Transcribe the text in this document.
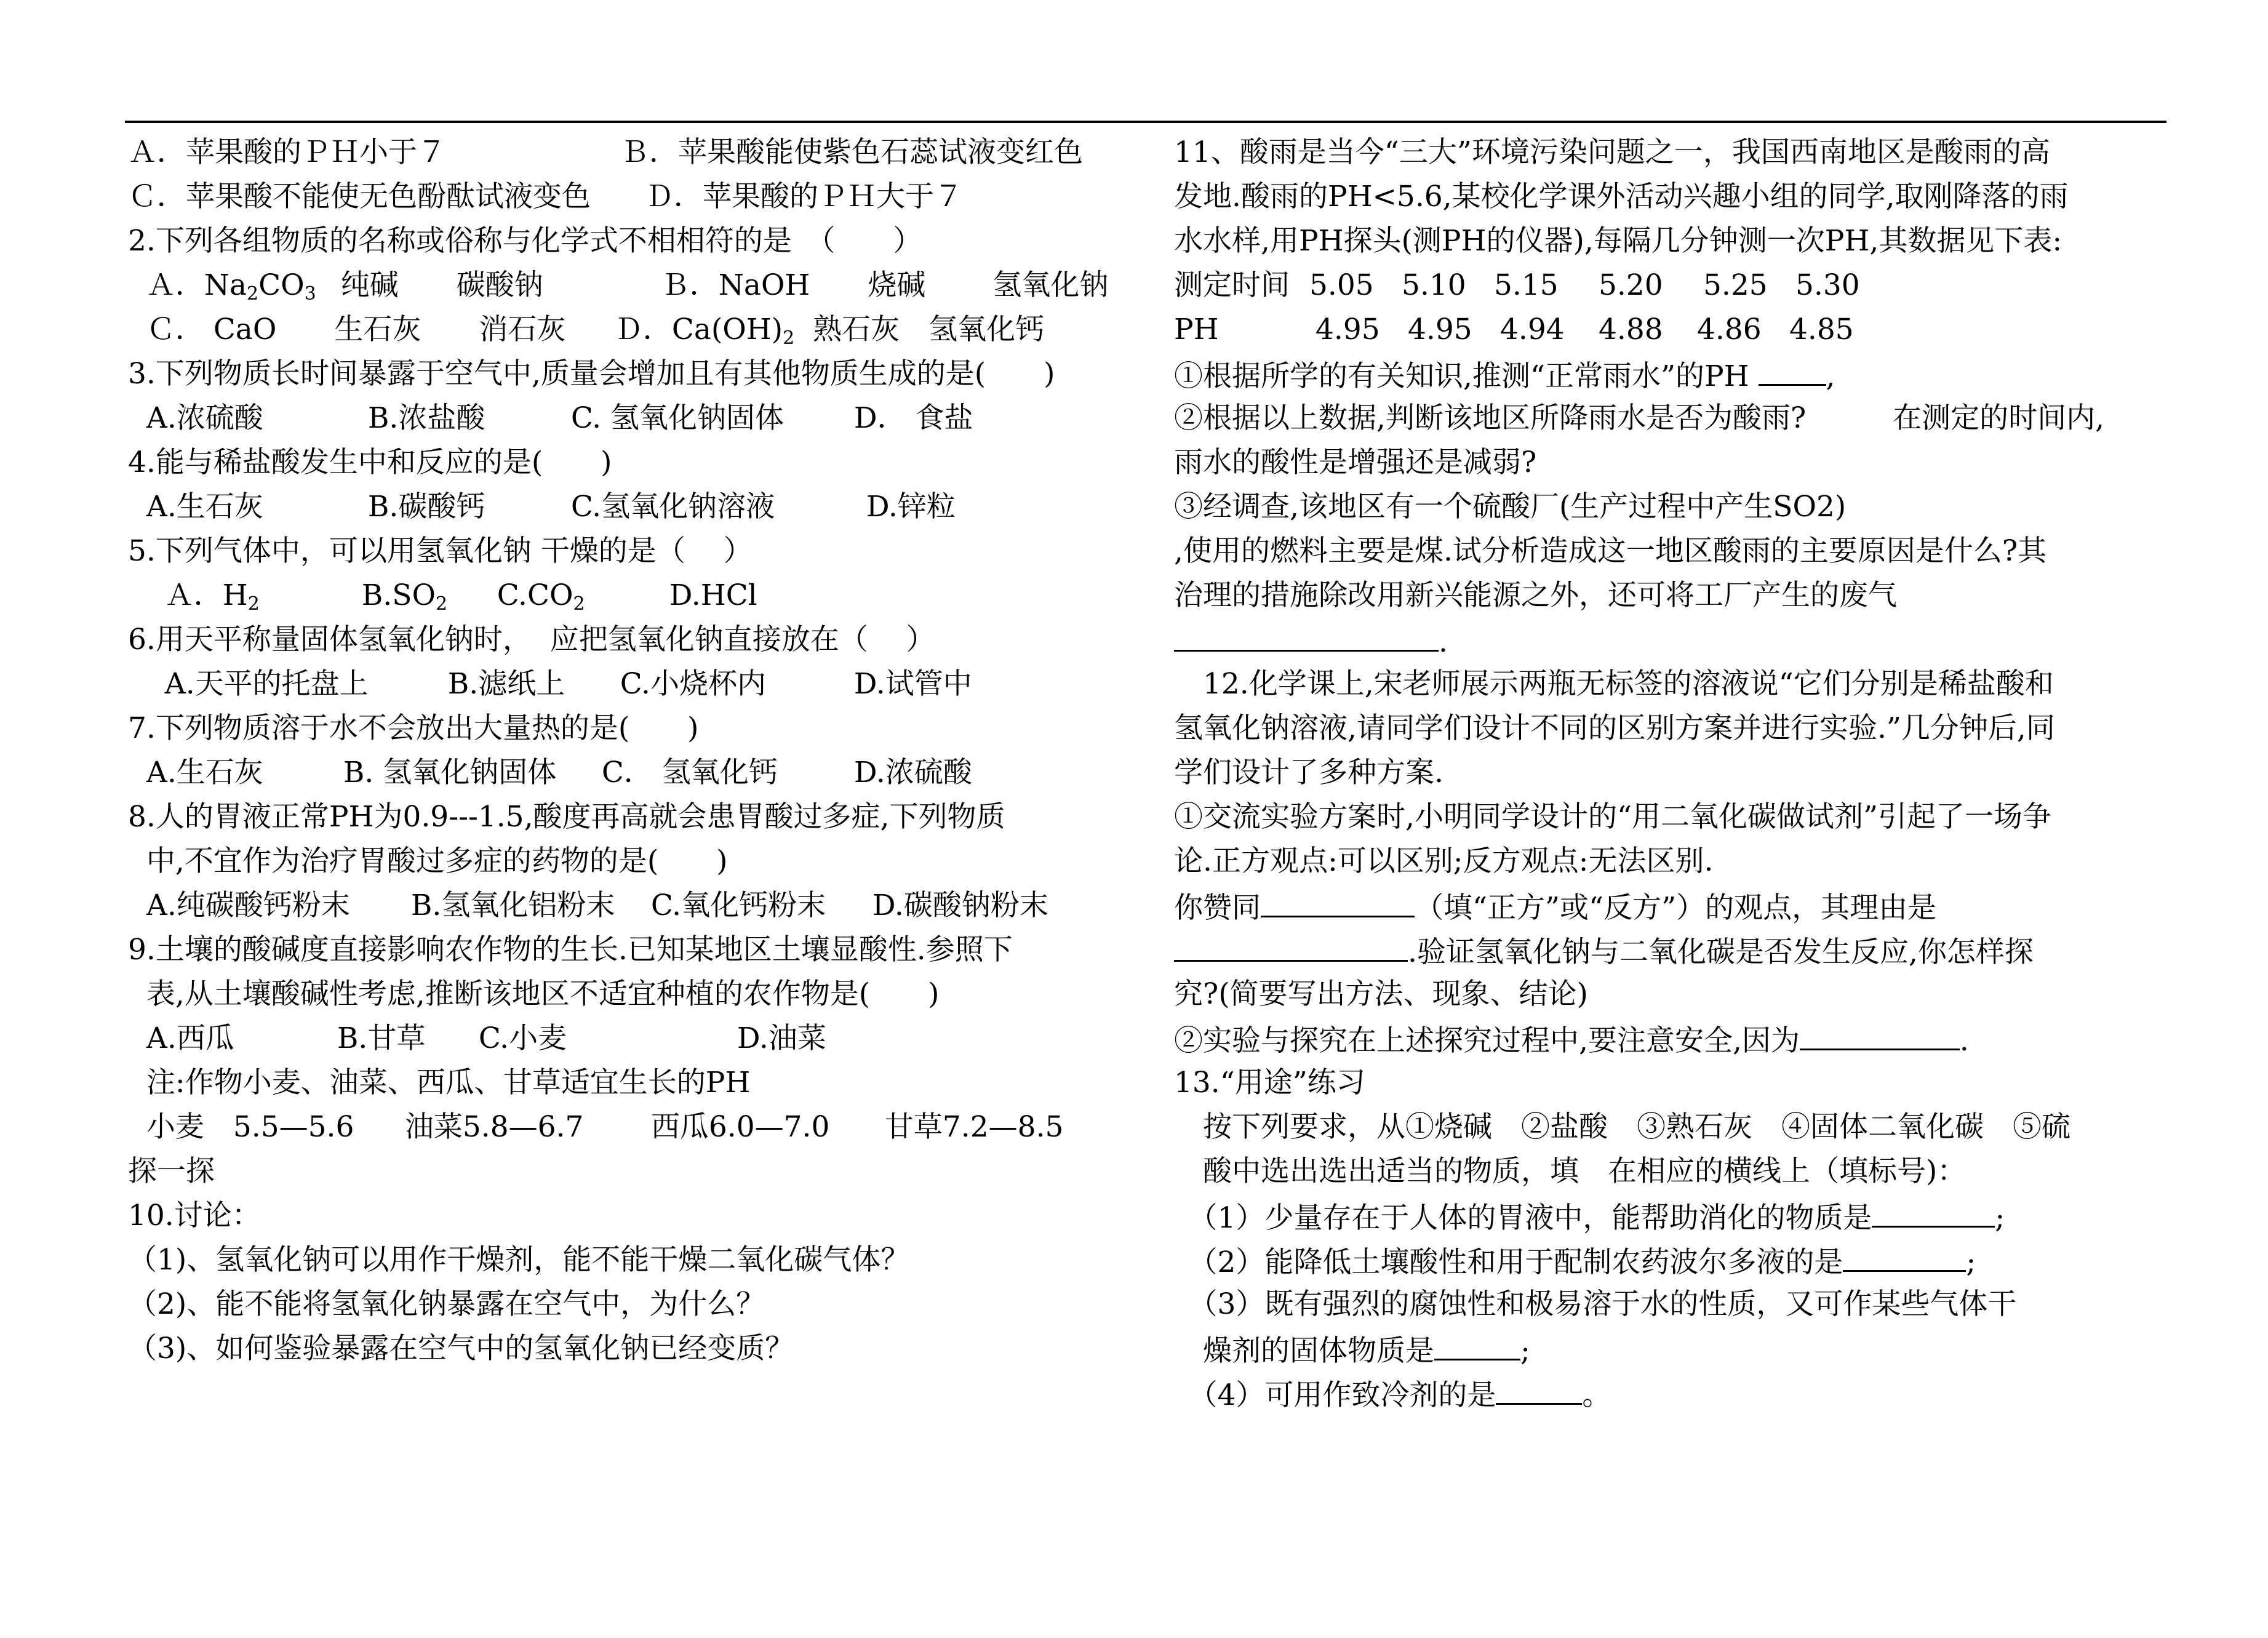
Ａ．苹果酸的ＰＨ小于７	Ｂ．苹果酸能使紫色石蕊试液变红色
Ｃ．苹果酸不能使无色酚酞试液变色 Ｄ．苹果酸的ＰＨ大于７
2.下列各组物质的名称或俗称与化学式不相相符的是　（　　）
Ａ．$Na_2CO_3$ 纯碱　　碳酸钠	Ｂ．NaOH　　烧碱　　 氢氧化钠
Ｃ． CaO　　生石灰　　消石灰 Ｄ．$Ca(OH)_2$ 熟石灰　氢氧化钙
3.下列物质长时间暴露于空气中,质量会增加且有其他物质生成的是(　　)
A.浓硫酸	B.浓盐酸	C. 氢氧化钠固体 D． 食盐
4.能与稀盐酸发生中和反应的是(　　)
A.生石灰	B.碳酸钙	C.氢氧化钠溶液	D.锌粒
5.下列气体中，可以用氢氧化钠 干燥的是（　 ）
Ａ．$H_2$	$B.SO_2$ $C.CO_2$	D.HCl
6.用天平称量固体氢氧化钠时，  应把氢氧化钠直接放在（　 ）
A.天平的托盘上	B.滤纸上 C.小烧杯内	D.试管中
7.下列物质溶于水不会放出大量热的是(　　)
A.生石灰	B. 氢氧化钠固体 C． 氢氧化钙	D.浓硫酸
8.人的胃液正常PH为0.9---1.5,酸度再高就会患胃酸过多症,下列物质
中,不宜作为治疗胃酸过多症的药物的是(　　)
A.纯碳酸钙粉末 B.氢氧化铝粉末 C.氧化钙粉末 D.碳酸钠粉末
9.土壤的酸碱度直接影响农作物的生长.已知某地区土壤显酸性.参照下
表,从土壤酸碱性考虑,推断该地区不适宜种植的农作物是(　　)
A.西瓜	B.甘草 C.小麦	D.油菜
注:作物小麦、油菜、西瓜、甘草适宜生长的PH
小麦　5.5—5.6 油菜5.8—6.7 西瓜6.0—7.0 甘草7.2—8.5
探一探
10.讨论：
（1)、氢氧化钠可以用作干燥剂，能不能干燥二氧化碳气体？
（2)、能不能将氢氧化钠暴露在空气中，为什么？
（3)、如何鉴验暴露在空气中的氢氧化钠已经变质？
11、酸雨是当今“三大”环境污染问题之一，我国西南地区是酸雨的高
发地.酸雨的PH<5.6,某校化学课外活动兴趣小组的同学,取刚降落的雨
水水样,用PH探头(测PH的仪器),每隔几分钟测一次PH,其数据见下表:
测定时间 5.05 5.10 5.15 5.20 5.25 5.30
PH	4.95 4.95 4.94 4.88 4.86 4.85
①根据所学的有关知识,推测“正常雨水”的PH ,
②根据以上数据,判断该地区所降雨水是否为酸雨?　　　在测定的时间内,
雨水的酸性是增强还是减弱?
③经调查,该地区有一个硫酸厂(生产过程中产生SO2)
,使用的燃料主要是煤.试分析造成这一地区酸雨的主要原因是什么?其
治理的措施除改用新兴能源之外，还可将工厂产生的废气
.
　12.化学课上,宋老师展示两瓶无标签的溶液说“它们分别是稀盐酸和
氢氧化钠溶液,请同学们设计不同的区别方案并进行实验.”几分钟后,同
学们设计了多种方案.
①交流实验方案时,小明同学设计的“用二氧化碳做试剂”引起了一场争
论.正方观点:可以区别;反方观点:无法区别.
你赞同	（填“正方”或“反方”）的观点，其理由是
.验证氢氧化钠与二氧化碳是否发生反应,你怎样探
究?(简要写出方法、现象、结论)
②实验与探究在上述探究过程中,要注意安全,因为	.
13.“用途”练习
　按下列要求，从①烧碱　②盐酸　③熟石灰　④固体二氧化碳　⑤硫
　酸中选出选出适当的物质，填　在相应的横线上（填标号)：
　（1）少量存在于人体的胃液中，能帮助消化的物质是	;
　（2）能降低土壤酸性和用于配制农药波尔多液的是	;
　（3）既有强烈的腐蚀性和极易溶于水的性质，又可作某些气体干
　燥剂的固体物质是	;
　（4）可用作致冷剂的是	。
